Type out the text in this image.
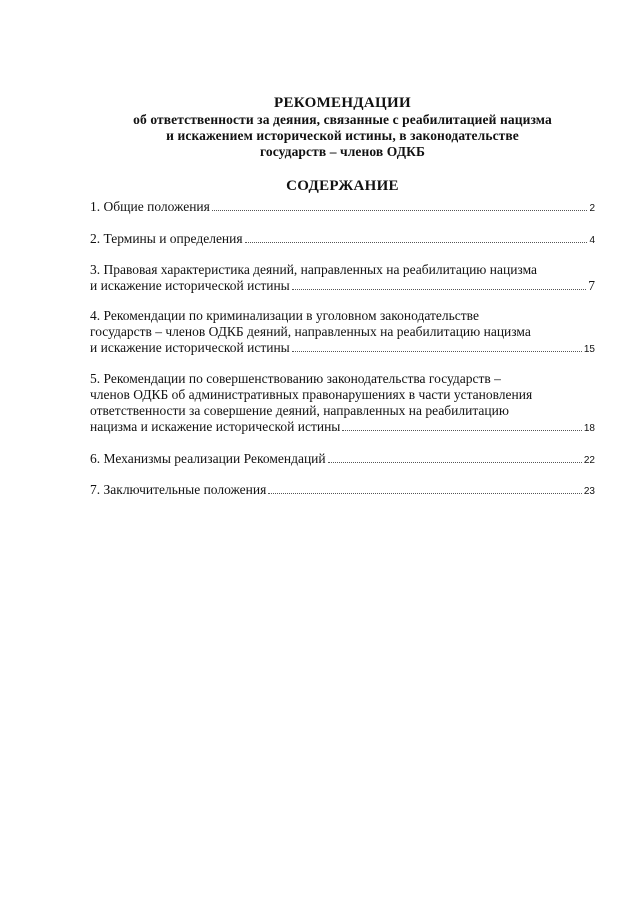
РЕКОМЕНДАЦИИ

об ответственности за деяния, связанные с реабилитацией нацизма

и искажением исторической истины, в законодательстве

государств – членов ОДКБ

СОДЕРЖАНИЕ

1. Общие положения	2
2. Термины и определения	4
3. Правовая характеристика деяний, направленных на реабилитацию нацизма
и искажение исторической истины	7
4. Рекомендации по криминализации в уголовном законодательстве
государств – членов ОДКБ деяний, направленных на реабилитацию нацизма
и искажение исторической истины	15
5. Рекомендации по совершенствованию законодательства государств –
членов ОДКБ об административных правонарушениях в части установления
ответственности за совершение деяний, направленных на реабилитацию
нацизма и искажение исторической истины	18
6. Механизмы реализации Рекомендаций	22
7. Заключительные положения	23
